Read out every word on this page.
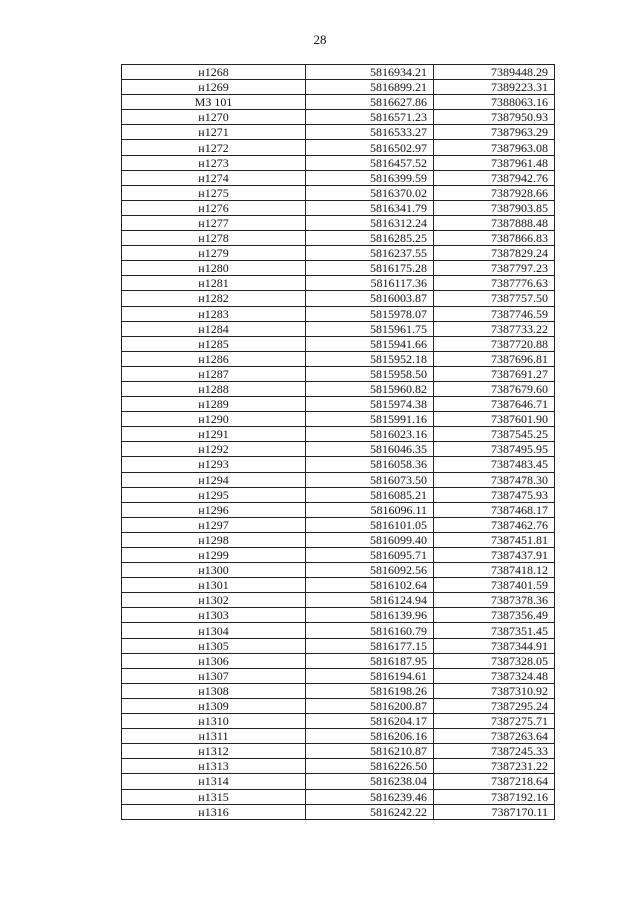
28
н1268	5816934.21	7389448.29
н1269	5816899.21	7389223.31
МЗ 101	5816627.86	7388063.16
н1270	5816571.23	7387950.93
н1271	5816533.27	7387963.29
н1272	5816502.97	7387963.08
н1273	5816457.52	7387961.48
н1274	5816399.59	7387942.76
н1275	5816370.02	7387928.66
н1276	5816341.79	7387903.85
н1277	5816312.24	7387888.48
н1278	5816285.25	7387866.83
н1279	5816237.55	7387829.24
н1280	5816175.28	7387797.23
н1281	5816117.36	7387776.63
н1282	5816003.87	7387757.50
н1283	5815978.07	7387746.59
н1284	5815961.75	7387733.22
н1285	5815941.66	7387720.88
н1286	5815952.18	7387696.81
н1287	5815958.50	7387691.27
н1288	5815960.82	7387679.60
н1289	5815974.38	7387646.71
н1290	5815991.16	7387601.90
н1291	5816023.16	7387545.25
н1292	5816046.35	7387495.95
н1293	5816058.36	7387483.45
н1294	5816073.50	7387478.30
н1295	5816085.21	7387475.93
н1296	5816096.11	7387468.17
н1297	5816101.05	7387462.76
н1298	5816099.40	7387451.81
н1299	5816095.71	7387437.91
н1300	5816092.56	7387418.12
н1301	5816102.64	7387401.59
н1302	5816124.94	7387378.36
н1303	5816139.96	7387356.49
н1304	5816160.79	7387351.45
н1305	5816177.15	7387344.91
н1306	5816187.95	7387328.05
н1307	5816194.61	7387324.48
н1308	5816198.26	7387310.92
н1309	5816200.87	7387295.24
н1310	5816204.17	7387275.71
н1311	5816206.16	7387263.64
н1312	5816210.87	7387245.33
н1313	5816226.50	7387231.22
н1314	5816238.04	7387218.64
н1315	5816239.46	7387192.16
н1316	5816242.22	7387170.11
